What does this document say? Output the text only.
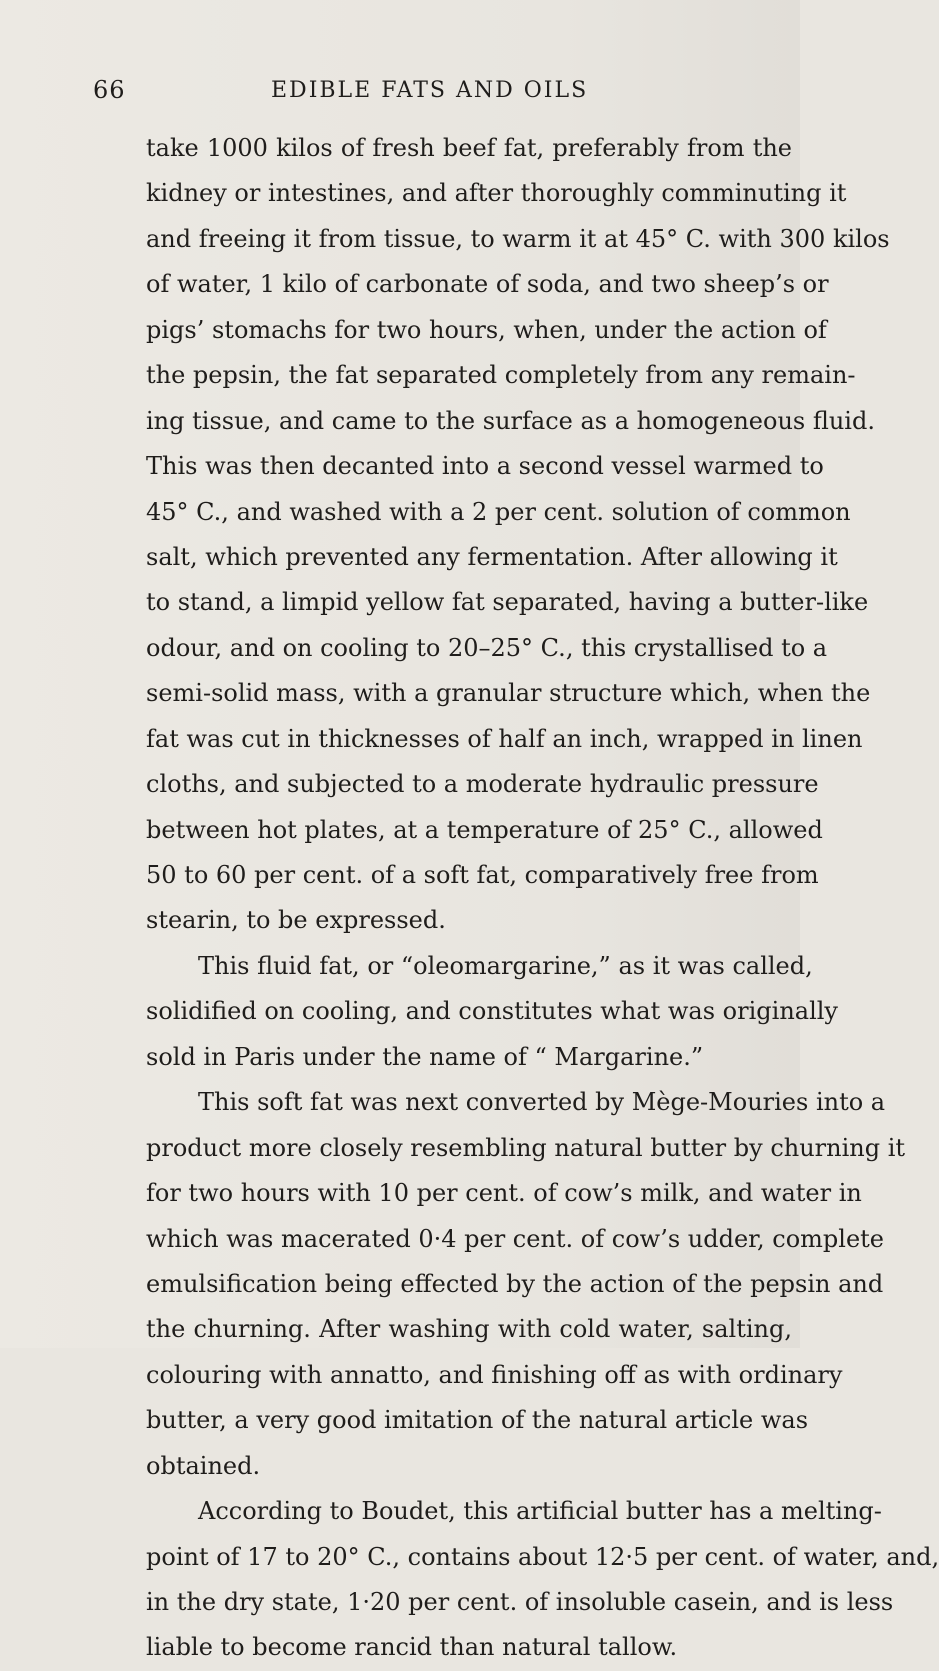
66	EDIBLE FATS AND OILS
take 1000 kilos of fresh beef fat, preferably from the
kidney or intestines, and after thoroughly comminuting it
and freeing it from tissue, to warm it at 45° C. with 300 kilos
of water, 1 kilo of carbonate of soda, and two sheep’s or
pigs’ stomachs for two hours, when, under the action of
the pepsin, the fat separated completely from any remain-
ing tissue, and came to the surface as a homogeneous fluid.
This was then decanted into a second vessel warmed to
45° C., and washed with a 2 per cent. solution of common
salt, which prevented any fermentation. After allowing it
to stand, a limpid yellow fat separated, having a butter-like
odour, and on cooling to 20–25° C., this crystallised to a
semi-solid mass, with a granular structure which, when the
fat was cut in thicknesses of half an inch, wrapped in linen
cloths, and subjected to a moderate hydraulic pressure
between hot plates, at a temperature of 25° C., allowed
50 to 60 per cent. of a soft fat, comparatively free from
stearin, to be expressed.
This fluid fat, or “oleomargarine,” as it was called,
solidified on cooling, and constitutes what was originally
sold in Paris under the name of “ Margarine.”
This soft fat was next converted by Mège-Mouries into a
product more closely resembling natural butter by churning it
for two hours with 10 per cent. of cow’s milk, and water in
which was macerated 0·4 per cent. of cow’s udder, complete
emulsification being effected by the action of the pepsin and
the churning. After washing with cold water, salting,
colouring with annatto, and finishing off as with ordinary
butter, a very good imitation of the natural article was
obtained.
According to Boudet, this artificial butter has a melting-
point of 17 to 20° C., contains about 12·5 per cent. of water, and,
in the dry state, 1·20 per cent. of insoluble casein, and is less
liable to become rancid than natural tallow.
